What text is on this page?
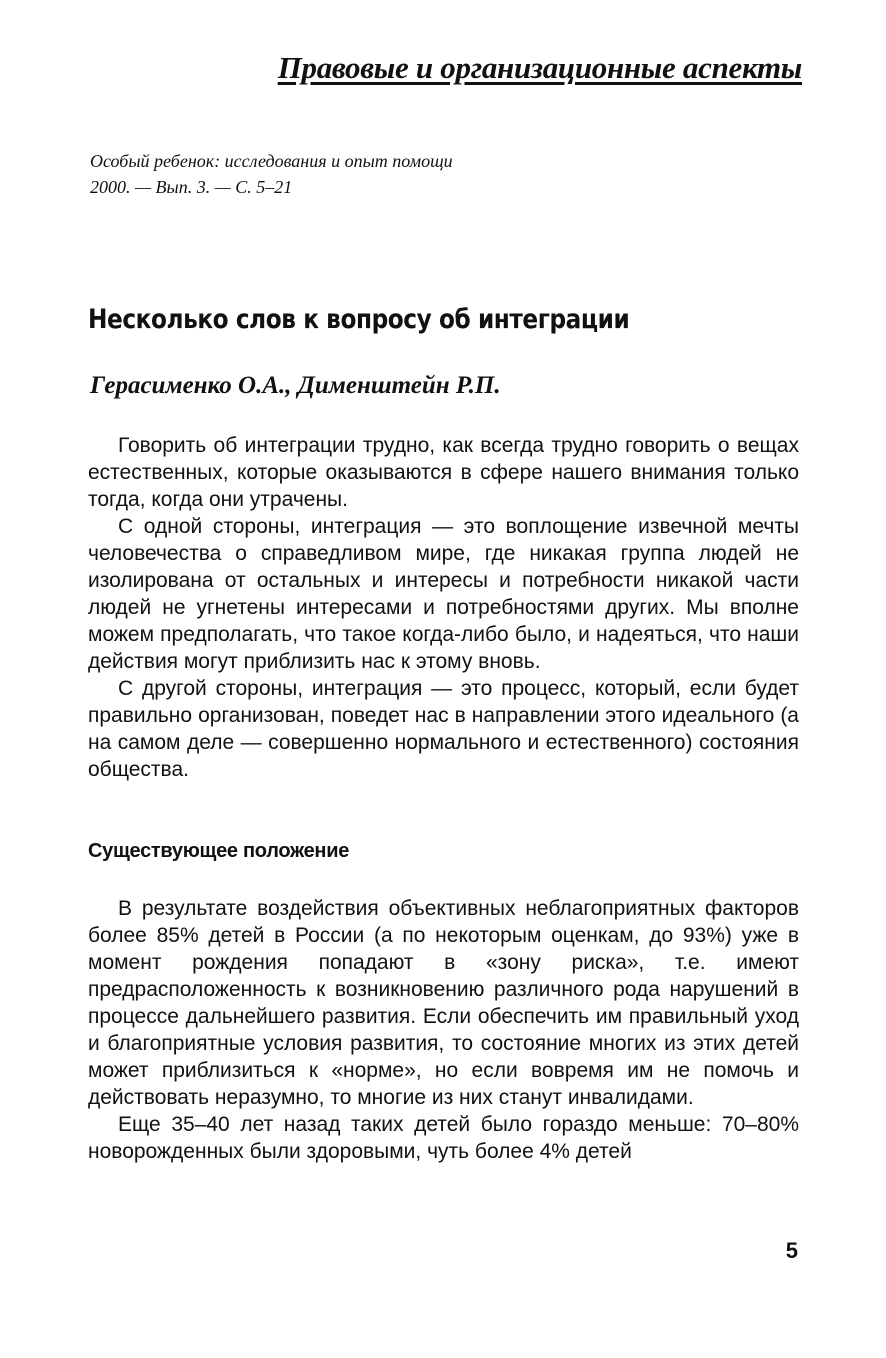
Правовые и организационные аспекты
Особый ребенок: исследования и опыт помощи
2000. — Вып. 3. — С. 5–21
Несколько слов к вопросу об интеграции
Герасименко О.А., Дименштейн Р.П.

Говорить об интеграции трудно, как всегда трудно говорить о вещах естественных, которые оказываются в сфере нашего внимания только тогда, когда они утрачены.

С одной стороны, интеграция — это воплощение извечной мечты человечества о справедливом мире, где никакая группа людей не изолирована от остальных и интересы и потребности никакой части людей не угнетены интересами и потребностями других. Мы вполне можем предполагать, что такое когда-либо было, и надеяться, что наши действия могут приблизить нас к этому вновь.

С другой стороны, интеграция — это процесс, который, если будет правильно организован, поведет нас в направлении этого идеального (а на самом деле — совершенно нормального и естественного) состояния общества.

Существующее положение

В результате воздействия объективных неблагоприятных факторов более 85% детей в России (а по некоторым оценкам, до 93%) уже в момент рождения попадают в «зону риска», т.е. имеют предрасположенность к возникновению различного рода нарушений в процессе дальнейшего развития. Если обеспечить им правильный уход и благоприятные условия развития, то состояние многих из этих детей может приблизиться к «норме», но если вовремя им не помочь и действовать неразумно, то многие из них станут инвалидами.

Еще 35–40 лет назад таких детей было гораздо меньше: 70–80% новорожденных были здоровыми, чуть более 4% детей

5
